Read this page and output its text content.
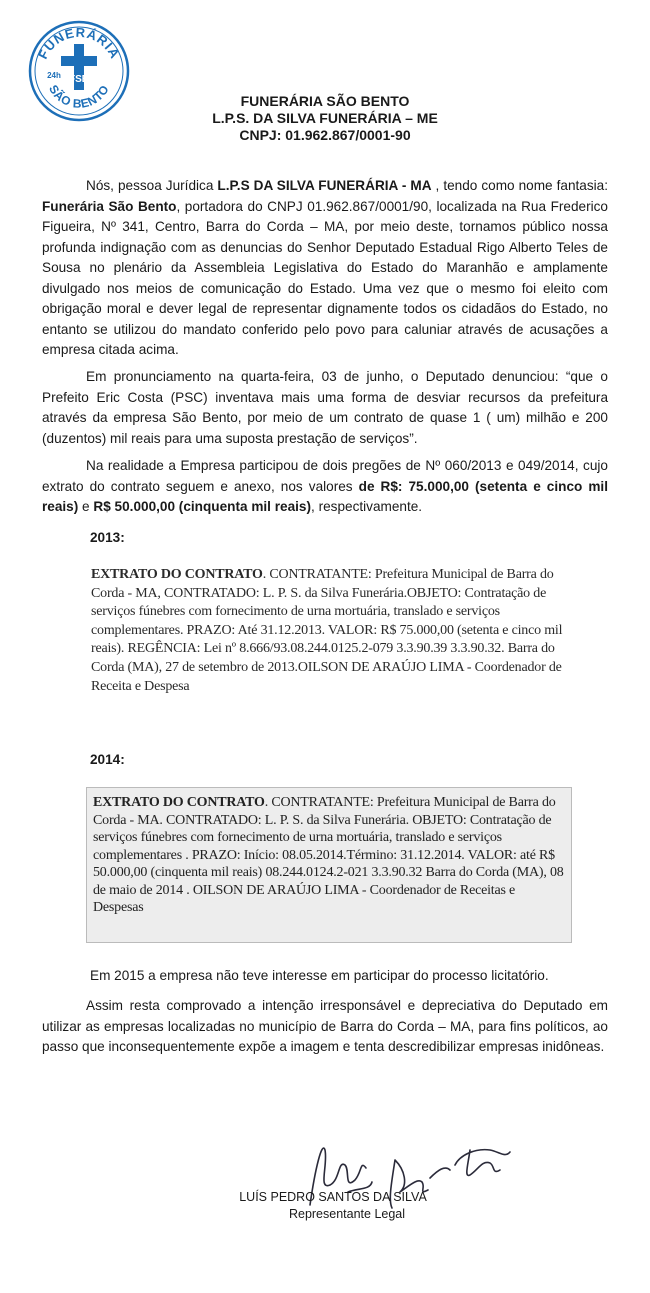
FUNERÁRIA
SÃO BENTO
FSB
24h
FUNERÁRIA SÃO BENTO
L.P.S. DA SILVA FUNERÁRIA – ME
CNPJ: 01.962.867/0001-90

Nós, pessoa Jurídica L.P.S DA SILVA FUNERÁRIA - MA , tendo como nome fantasia: Funerária São Bento, portadora do CNPJ 01.962.867/0001/90, localizada na Rua Frederico Figueira, Nº 341, Centro, Barra do Corda – MA, por meio deste, tornamos público nossa profunda indignação com as denuncias do Senhor Deputado Estadual Rigo Alberto Teles de Sousa no plenário da Assembleia Legislativa do Estado do Maranhão e amplamente divulgado nos meios de comunicação do Estado. Uma vez que o mesmo foi eleito com obrigação moral e dever legal de representar dignamente todos os cidadãos do Estado, no entanto se utilizou do mandato conferido pelo povo para caluniar através de acusações a empresa citada acima.

Em pronunciamento na quarta-feira, 03 de junho, o Deputado denunciou: “que o Prefeito Eric Costa (PSC) inventava mais uma forma de desviar recursos da prefeitura através da empresa São Bento, por meio de um contrato de quase 1 ( um) milhão e 200 (duzentos) mil reais para uma suposta prestação de serviços”.

Na realidade a Empresa participou de dois pregões de Nº 060/2013 e 049/2014, cujo extrato do contrato seguem e anexo, nos valores de R$: 75.000,00 (setenta e cinco mil reais) e R$ 50.000,00 (cinquenta mil reais), respectivamente.

2013:

EXTRATO DO CONTRATO. CONTRATANTE: Prefeitura Municipal de Barra do Corda - MA, CONTRATADO: L. P. S. da Silva Funerária.OBJETO: Contratação de serviços fúnebres com fornecimento de urna mortuária, translado e serviços complementares. PRAZO: Até 31.12.2013. VALOR: R$ 75.000,00 (setenta e cinco mil reais). REGÊNCIA: Lei nº 8.666/93.08.244.0125.2-079 3.3.90.39 3.3.90.32. Barra do Corda (MA), 27 de setembro de 2013.OILSON DE ARAÚJO LIMA - Coordenador de Receita e Despesa

2014:

EXTRATO DO CONTRATO. CONTRATANTE: Prefeitura Municipal de Barra do Corda - MA. CONTRATADO: L. P. S. da Silva Funerária. OBJETO: Contratação de serviços fúnebres com fornecimento de urna mortuária, translado e serviços complementares . PRAZO: Início: 08.05.2014.Término: 31.12.2014. VALOR: até R$ 50.000,00 (cinquenta mil reais) 08.244.0124.2-021 3.3.90.32 Barra do Corda (MA), 08 de maio de 2014 . OILSON DE ARAÚJO LIMA - Coordenador de Receitas e Despesas

Em 2015 a empresa não teve interesse em participar do processo licitatório.

Assim resta comprovado a intenção irresponsável e depreciativa do Deputado em utilizar as empresas localizadas no município de Barra do Corda – MA, para fins políticos, ao passo que inconsequentemente expõe a imagem e tenta descredibilizar empresas inidôneas.

LUÍS PEDRO SANTOS DA SILVA
Representante Legal
